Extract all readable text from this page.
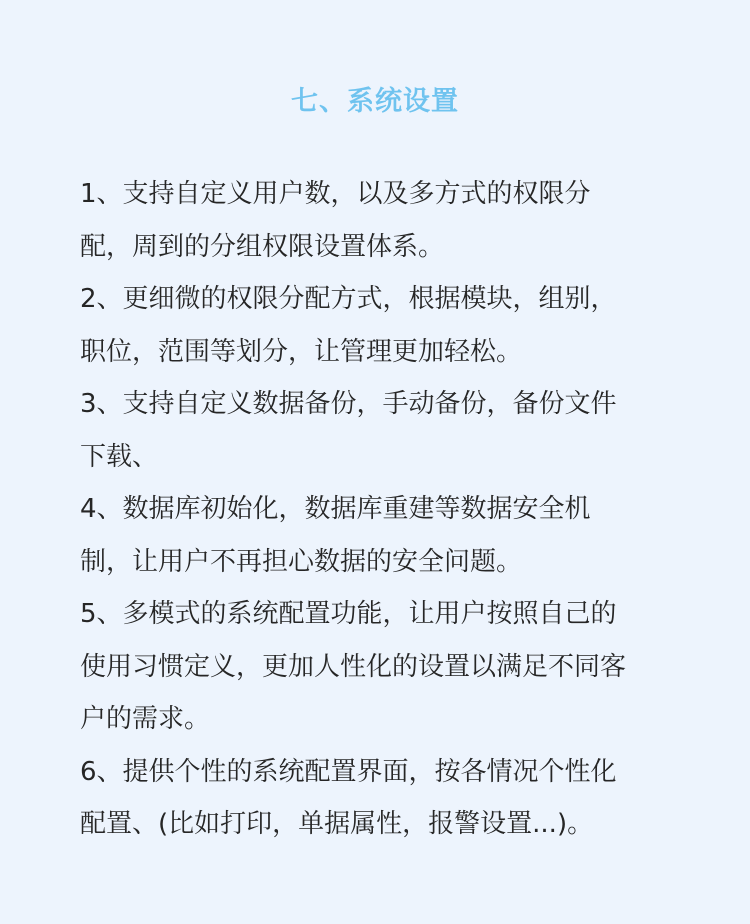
七、系统设置
1、支持自定义用户数，以及多方式的权限分
配，周到的分组权限设置体系。
2、更细微的权限分配方式，根据模块，组别，
职位，范围等划分，让管理更加轻松。
3、支持自定义数据备份，手动备份，备份文件
下载、
4、数据库初始化，数据库重建等数据安全机
制，让用户不再担心数据的安全问题。
5、多模式的系统配置功能，让用户按照自己的
使用习惯定义，更加人性化的设置以满足不同客
户的需求。
6、提供个性的系统配置界面，按各情况个性化
配置、(比如打印，单据属性，报警设置...)。
